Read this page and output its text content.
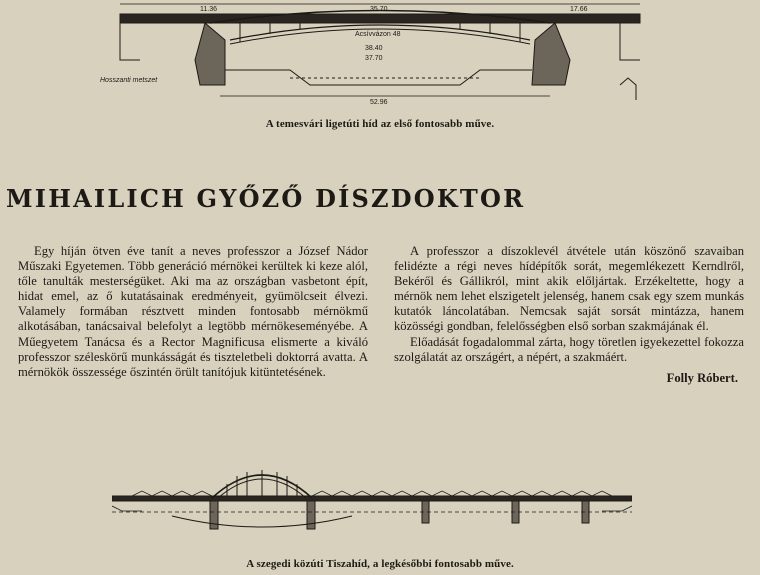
11.36	35.70	17.66
Acsívvázon 48
38.40
37.70
52.96
Hosszanti metszet
A temesvári ligetúti híd az első fontosabb műve.
MIHAILICH GYŐZŐ DÍSZDOKTOR

Egy híján ötven éve tanít a neves professzor a József Nádor Műszaki Egyetemen. Több generáció mérnökei kerültek ki keze alól, tőle tanulták mesterségüket. Aki ma az országban vasbetont épít, hidat emel, az ő kutatásainak eredményeit, gyümölcseit élvezi. Valamely formában résztvett minden fontosabb mérnökmű alkotásában, tanácsaival belefolyt a legtöbb mérnökeseményébe. A Műegyetem Tanácsa és a Rector Magnificusa elismerte a kiváló professzor széleskörű munkásságát és tiszteletbeli doktorrá avatta. A mérnökök összessége őszintén örült tanítójuk kitüntetésének.

A professzor a díszoklevél átvétele után köszönő szavaiban felidézte a régi neves hídépítők sorát, megemlékezett Kerndlről, Bekéről és Gállikról, mint akik előljártak. Erzékeltette, hogy a mérnök nem lehet elszigetelt jelenség, hanem csak egy szem munkás kutatók láncolatában. Nemcsak saját sorsát mintázza, hanem közösségi gondban, felelősségben első sorban szakmájának él.

Előadását fogadalommal zárta, hogy töretlen igyekezettel fokozza szolgálatát az országért, a népért, a szakmáért.

Folly Róbert.
A szegedi közúti Tiszahíd, a legkésőbbi fontosabb műve.
